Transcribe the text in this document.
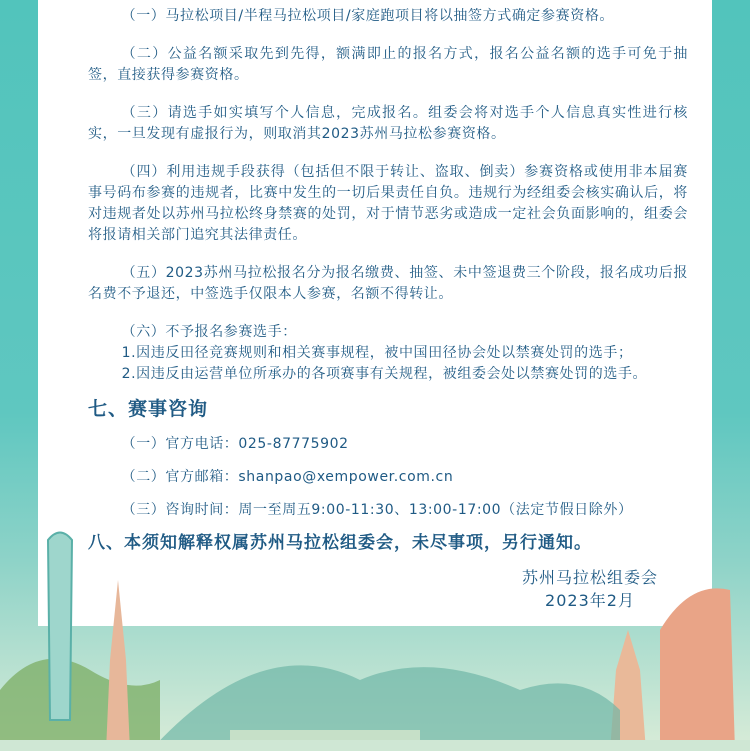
（一）马拉松项目/半程马拉松项目/家庭跑项目将以抽签方式确定参赛资格。

（二）公益名额采取先到先得，额满即止的报名方式，报名公益名额的选手可免于抽签，直接获得参赛资格。

（三）请选手如实填写个人信息，完成报名。组委会将对选手个人信息真实性进行核实，一旦发现有虚报行为，则取消其2023苏州马拉松参赛资格。

（四）利用违规手段获得（包括但不限于转让、盗取、倒卖）参赛资格或使用非本届赛事号码布参赛的违规者，比赛中发生的一切后果责任自负。违规行为经组委会核实确认后，将对违规者处以苏州马拉松终身禁赛的处罚，对于情节恶劣或造成一定社会负面影响的，组委会将报请相关部门追究其法律责任。

（五）2023苏州马拉松报名分为报名缴费、抽签、未中签退费三个阶段，报名成功后报名费不予退还，中签选手仅限本人参赛，名额不得转让。

（六）不予报名参赛选手：

1.因违反田径竞赛规则和相关赛事规程，被中国田径协会处以禁赛处罚的选手；

2.因违反由运营单位所承办的各项赛事有关规程，被组委会处以禁赛处罚的选手。

七、赛事咨询

（一）官方电话：025-87775902

（二）官方邮箱：shanpao@xempower.com.cn

（三）咨询时间：周一至周五9:00-11:30、13:00-17:00（法定节假日除外）

八、本须知解释权属苏州马拉松组委会，未尽事项，另行通知。
苏州马拉松组委会
2023年2月
